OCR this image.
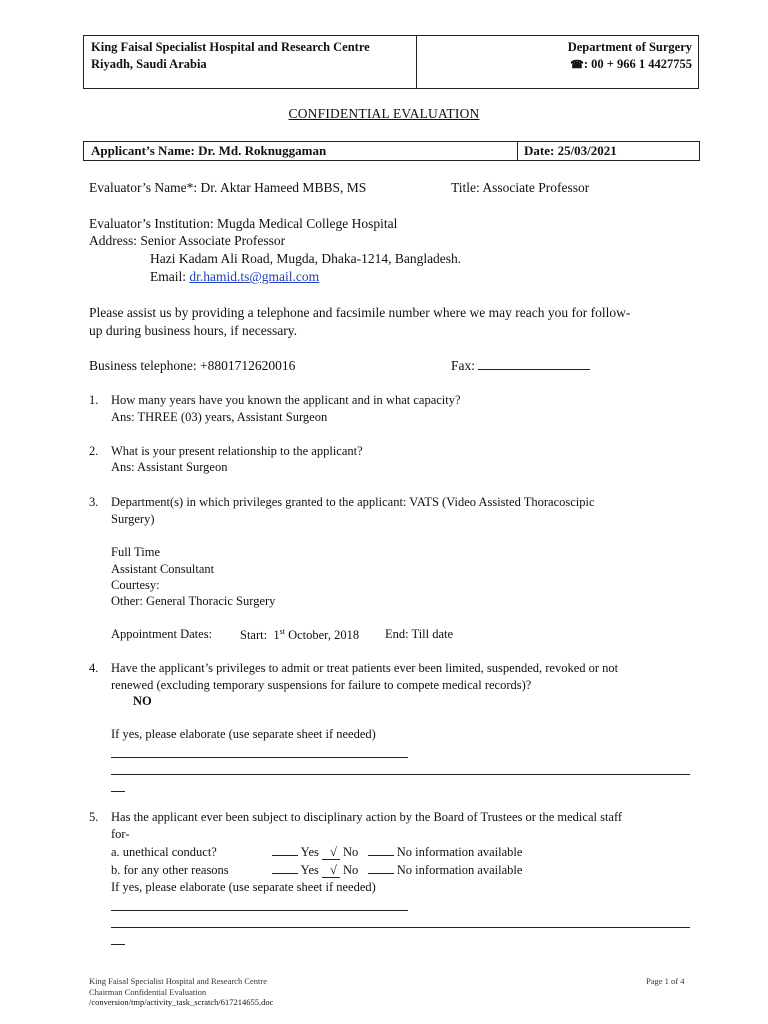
King Faisal Specialist Hospital and Research Centre
Riyadh, Saudi Arabia
Department of Surgery
☎: 00 + 966 1 4427755
CONFIDENTIAL EVALUATION
Applicant’s Name: Dr. Md. Roknuggaman	Date: 25/03/2021
Evaluator’s Name*: Dr. Aktar Hameed MBBS, MS	Title: Associate Professor
Evaluator’s Institution: Mugda Medical College Hospital
Address: Senior Associate Professor
Hazi Kadam Ali Road, Mugda, Dhaka-1214, Bangladesh.
Email: dr.hamid.ts@gmail.com
Please assist us by providing a telephone and facsimile number where we may reach you for follow-
up during business hours, if necessary.
Business telephone: +8801712620016	Fax:
1. How many years have you known the applicant and in what capacity?
Ans: THREE (03) years, Assistant Surgeon
2. What is your present relationship to the applicant?
Ans: Assistant Surgeon
3. Department(s) in which privileges granted to the applicant: VATS (Video Assisted Thoracoscipic
Surgery)
Full Time
Assistant Consultant
Courtesy:
Other: General Thoracic Surgery
Appointment Dates: Start: 1st October, 2018 End: Till date
4. Have the applicant’s privileges to admit or treat patients ever been limited, suspended, revoked or not
renewed (excluding temporary suspensions for failure to compete medical records)?
NO
If yes, please elaborate (use separate sheet if needed)
5. Has the applicant ever been subject to disciplinary action by the Board of Trustees or the medical staff
for-
a. unethical conduct?	Yes √ No	No information available
b. for any other reasons	Yes √ No	No information available
If yes, please elaborate (use separate sheet if needed)
King Faisal Specialist Hospital and Research Centre
Chairman Confidential Evaluation
/conversion/tmp/activity_task_scratch/617214655.doc
Page 1 of 4
